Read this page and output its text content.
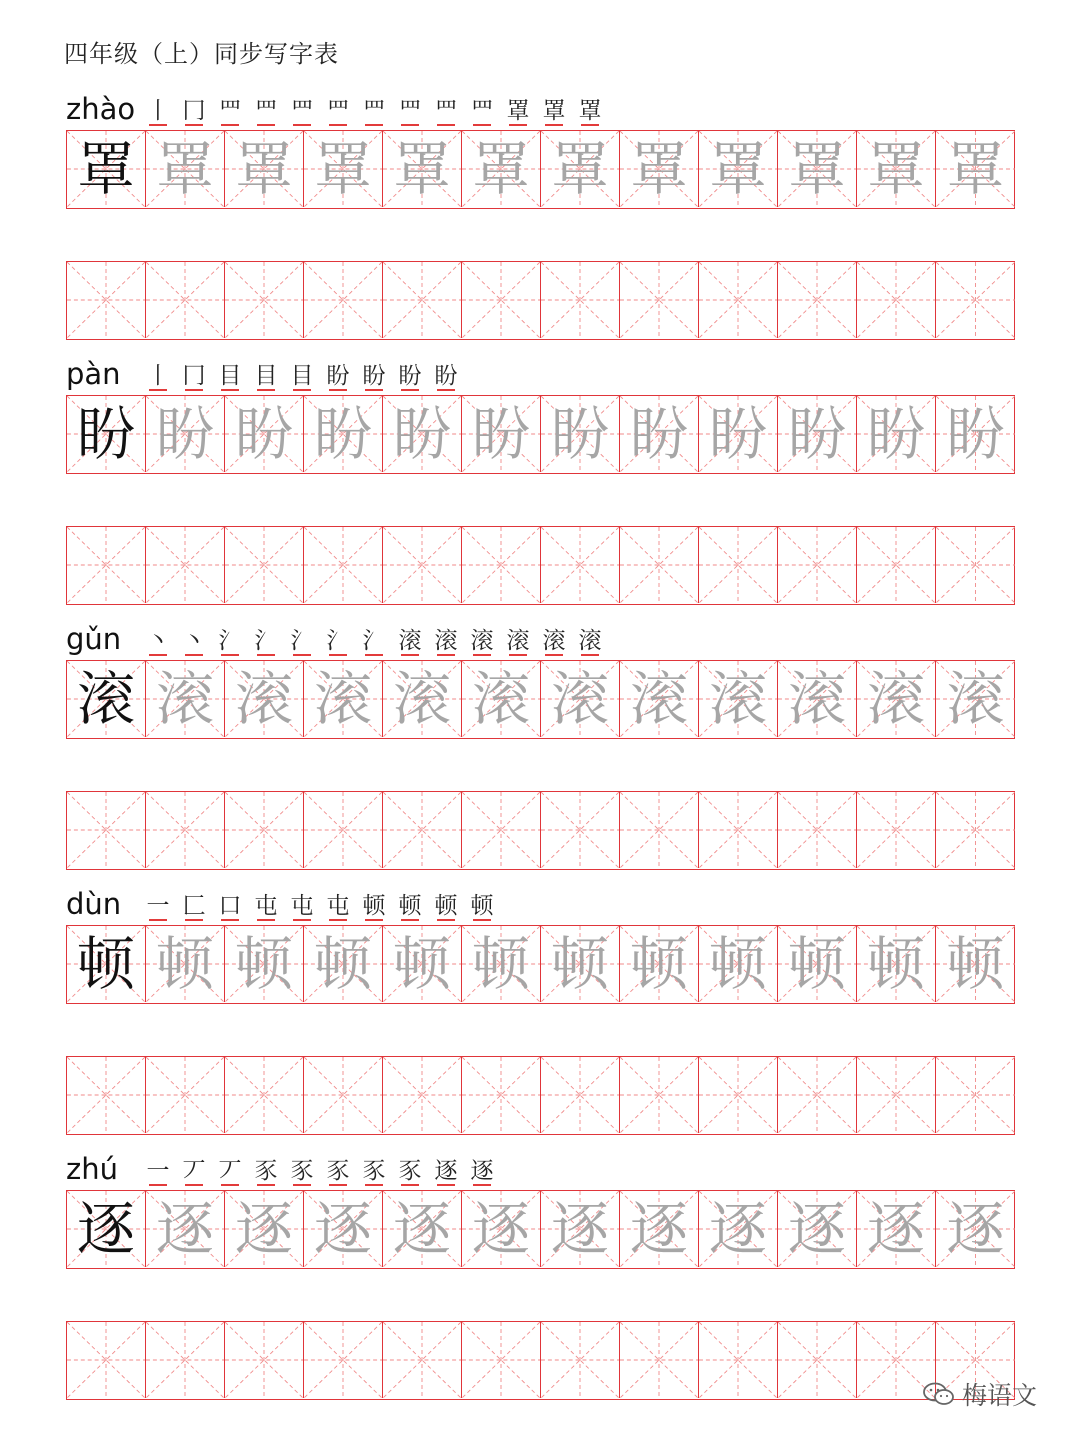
四年级（上）同步写字表
zhào 丨 冂 罒 罒 罒 罒 罒 罒 罒 罒 罩 罩 罩
罩 罩 罩 罩 罩 罩 罩 罩 罩 罩 罩 罩
pàn 丨 冂 目 目 目 盼 盼 盼 盼
盼 盼 盼 盼 盼 盼 盼 盼 盼 盼 盼 盼
gǔn 丶 丶 氵 氵 氵 氵 氵 滚 滚 滚 滚 滚 滚
滚 滚 滚 滚 滚 滚 滚 滚 滚 滚 滚 滚
dùn 一 匚 口 屯 屯 屯 顿 顿 顿 顿
顿 顿 顿 顿 顿 顿 顿 顿 顿 顿 顿 顿
zhú 一 丆 丆 豕 豕 豕 豕 豕 逐 逐
逐 逐 逐 逐 逐 逐 逐 逐 逐 逐 逐 逐
梅语文
